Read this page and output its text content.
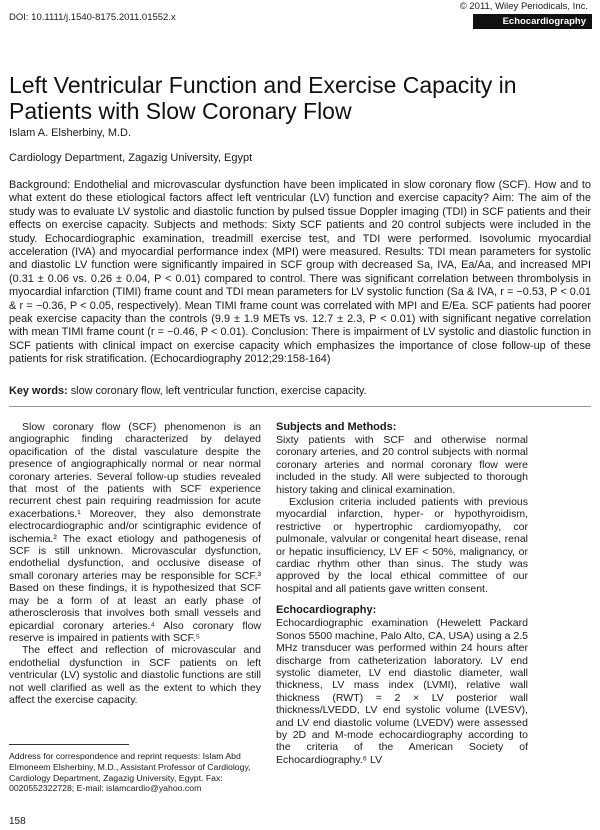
DOI: 10.1111/j.1540-8175.2011.01552.x
© 2011, Wiley Periodicals, Inc.
Echocardiography
Left Ventricular Function and Exercise Capacity in Patients with Slow Coronary Flow
Islam A. Elsherbiny, M.D.
Cardiology Department, Zagazig University, Egypt
Background: Endothelial and microvascular dysfunction have been implicated in slow coronary flow (SCF). How and to what extent do these etiological factors affect left ventricular (LV) function and exercise capacity? Aim: The aim of the study was to evaluate LV systolic and diastolic function by pulsed tissue Doppler imaging (TDI) in SCF patients and their effects on exercise capacity. Subjects and methods: Sixty SCF patients and 20 control subjects were included in the study. Echocardiographic examination, treadmill exercise test, and TDI were performed. Isovolumic myocardial acceleration (IVA) and myocardial performance index (MPI) were measured. Results: TDI mean parameters for systolic and diastolic LV function were significantly impaired in SCF group with decreased Sa, IVA, Ea/Aa, and increased MPI (0.31 ± 0.06 vs. 0.26 ± 0.04, P < 0.01) compared to control. There was significant correlation between thrombolysis in myocardial infarction (TIMI) frame count and TDI mean parameters for LV systolic function (Sa & IVA, r = −0.53, P < 0.01 & r = −0.36, P < 0.05, respectively). Mean TIMI frame count was correlated with MPI and E/Ea. SCF patients had poorer peak exercise capacity than the controls (9.9 ± 1.9 METs vs. 12.7 ± 2.3, P < 0.01) with significant negative correlation with mean TIMI frame count (r = −0.46, P < 0.01). Conclusion: There is impairment of LV systolic and diastolic function in SCF patients with clinical impact on exercise capacity which emphasizes the importance of close follow-up of these patients for risk stratification. (Echocardiography 2012;29:158-164)
Key words: slow coronary flow, left ventricular function, exercise capacity.

Slow coronary flow (SCF) phenomenon is an angiographic finding characterized by delayed opacification of the distal vasculature despite the presence of angiographically normal or near normal coronary arteries. Several follow-up studies revealed that most of the patients with SCF experience recurrent chest pain requiring readmission for acute exacerbations.¹ Moreover, they also demonstrate electrocardiographic and/or scintigraphic evidence of ischemia.² The exact etiology and pathogenesis of SCF is still unknown. Microvascular dysfunction, endothelial dysfunction, and occlusive disease of small coronary arteries may be responsible for SCF.³ Based on these findings, it is hypothesized that SCF may be a form of at least an early phase of atherosclerosis that involves both small vessels and epicardial coronary arteries.⁴ Also coronary flow reserve is impaired in patients with SCF.⁵

The effect and reflection of microvascular and endothelial dysfunction in SCF patients on left ventricular (LV) systolic and diastolic functions are still not well clarified as well as the extent to which they affect the exercise capacity.

Address for correspondence and reprint requests: Islam Abd Elmoneem Elsherbiny, M.D., Assistant Professor of Cardiology, Cardiology Department, Zagazig University, Egypt. Fax: 0020552322728; E-mail: islamcardio@yahoo.com
Subjects and Methods:

Sixty patients with SCF and otherwise normal coronary arteries, and 20 control subjects with normal coronary arteries and normal coronary flow were included in the study. All were subjected to thorough history taking and clinical examination.

Exclusion criteria included patients with previous myocardial infarction, hyper- or hypothyroidism, restrictive or hypertrophic cardiomyopathy, cor pulmonale, valvular or congenital heart disease, renal or hepatic insufficiency, LV EF < 50%, malignancy, or cardiac rhythm other than sinus. The study was approved by the local ethical committee of our hospital and all patients gave written consent.

Echocardiography:

Echocardiographic examination (Hewelett Packard Sonos 5500 machine, Palo Alto, CA, USA) using a 2.5 MHz transducer was performed within 24 hours after discharge from catheterization laboratory. LV end systolic diameter, LV end diastolic diameter, wall thickness, LV mass index (LVMI), relative wall thickness (RWT) = 2 × LV posterior wall thickness/LVEDD, LV end systolic volume (LVESV), and LV end diastolic volume (LVEDV) were assessed by 2D and M-mode echocardiography according to the criteria of the American Society of Echocardiography.⁶ LV

158
